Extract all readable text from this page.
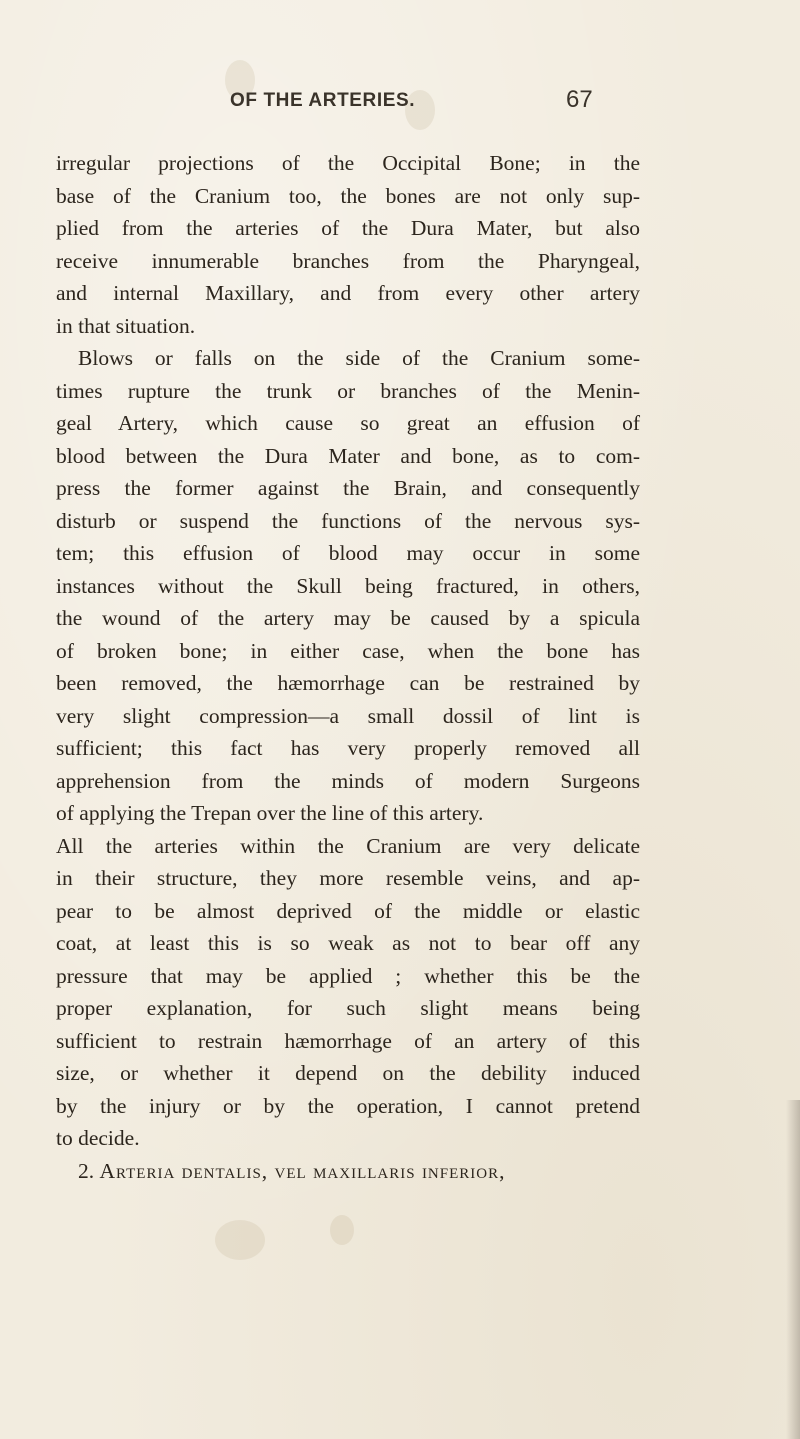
OF THE ARTERIES.	67
irregular projections of the Occipital Bone; in the
base of the Cranium too, the bones are not only sup-
plied from the arteries of the Dura Mater, but also
receive innumerable branches from the Pharyngeal,
and internal Maxillary, and from every other artery
in that situation.
Blows or falls on the side of the Cranium some-
times rupture the trunk or branches of the Menin-
geal Artery, which cause so great an effusion of
blood between the Dura Mater and bone, as to com-
press the former against the Brain, and consequently
disturb or suspend the functions of the nervous sys-
tem; this effusion of blood may occur in some
instances without the Skull being fractured, in others,
the wound of the artery may be caused by a spicula
of broken bone; in either case, when the bone has
been removed, the hæmorrhage can be restrained by
very slight compression—a small dossil of lint is
sufficient; this fact has very properly removed all
apprehension from the minds of modern Surgeons
of applying the Trepan over the line of this artery.
All the arteries within the Cranium are very delicate
in their structure, they more resemble veins, and ap-
pear to be almost deprived of the middle or elastic
coat, at least this is so weak as not to bear off any
pressure that may be applied ; whether this be the
proper explanation, for such slight means being
sufficient to restrain hæmorrhage of an artery of this
size, or whether it depend on the debility induced
by the injury or by the operation, I cannot pretend
to decide.
2. Arteria dentalis, vel maxillaris inferior,
